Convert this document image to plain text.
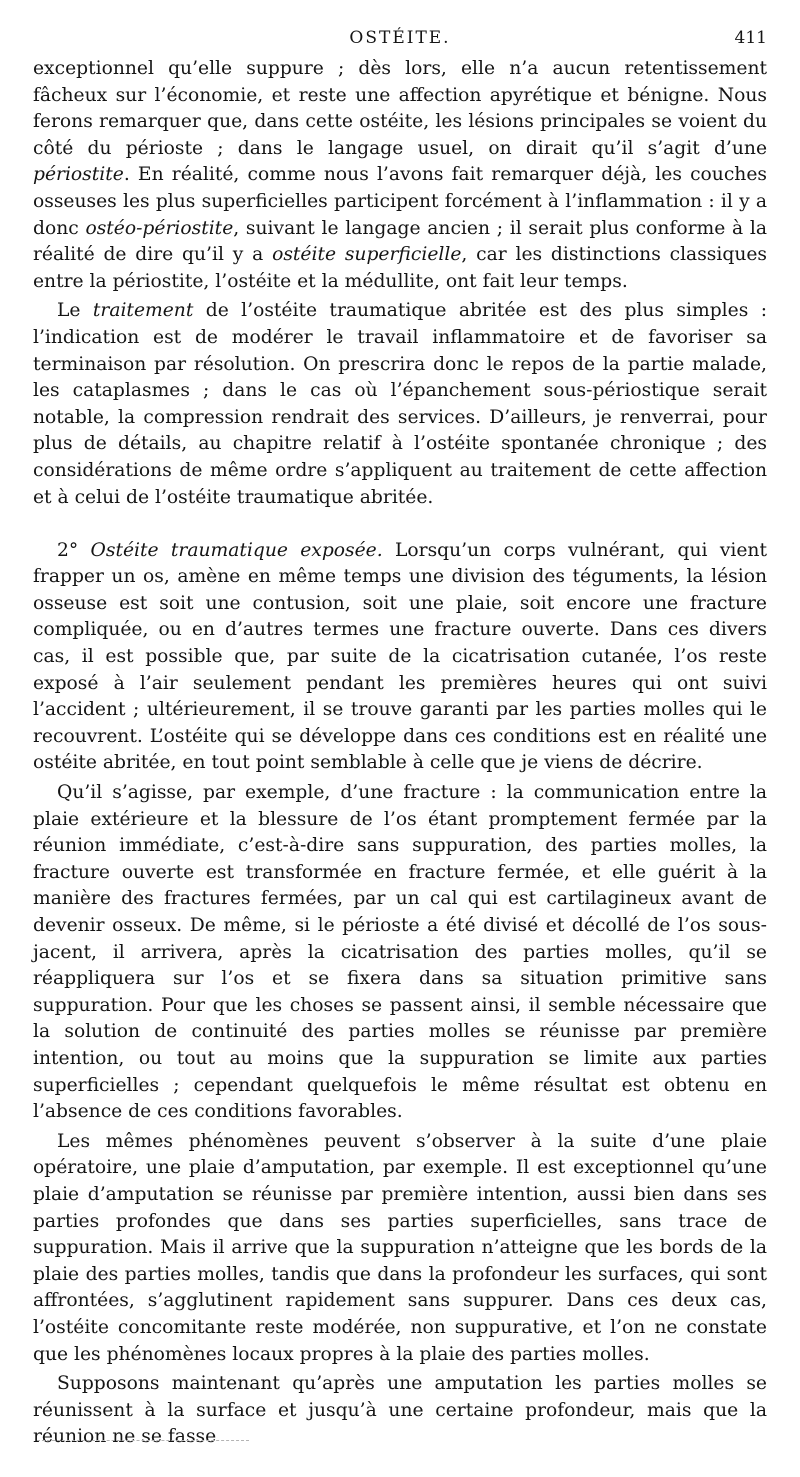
OSTÉITE.	411

exceptionnel qu’elle suppure ; dès lors, elle n’a aucun retentissement fâcheux sur l’économie, et reste une affection apyrétique et bénigne. Nous ferons remarquer que, dans cette ostéite, les lésions principales se voient du côté du périoste ; dans le langage usuel, on dirait qu’il s’agit d’une périostite. En réalité, comme nous l’avons fait remarquer déjà, les couches osseuses les plus superficielles participent forcément à l’inflammation : il y a donc ostéo-périostite, suivant le langage ancien ; il serait plus conforme à la réalité de dire qu’il y a ostéite superficielle, car les distinctions classiques entre la périostite, l’ostéite et la médullite, ont fait leur temps.

Le traitement de l’ostéite traumatique abritée est des plus simples : l’indication est de modérer le travail inflammatoire et de favoriser sa terminaison par résolution. On prescrira donc le repos de la partie malade, les cataplasmes ; dans le cas où l’épanchement sous-périostique serait notable, la compression rendrait des services. D’ailleurs, je renverrai, pour plus de détails, au chapitre relatif à l’ostéite spontanée chronique ; des considérations de même ordre s’appliquent au traitement de cette affection et à celui de l’ostéite traumatique abritée.

2° Ostéite traumatique exposée. Lorsqu’un corps vulnérant, qui vient frapper un os, amène en même temps une division des téguments, la lésion osseuse est soit une contusion, soit une plaie, soit encore une fracture compliquée, ou en d’autres termes une fracture ouverte. Dans ces divers cas, il est possible que, par suite de la cicatrisation cutanée, l’os reste exposé à l’air seulement pendant les premières heures qui ont suivi l’accident ; ultérieurement, il se trouve garanti par les parties molles qui le recouvrent. L’ostéite qui se développe dans ces conditions est en réalité une ostéite abritée, en tout point semblable à celle que je viens de décrire.

Qu’il s’agisse, par exemple, d’une fracture : la communication entre la plaie extérieure et la blessure de l’os étant promptement fermée par la réunion immédiate, c’est-à-dire sans suppuration, des parties molles, la fracture ouverte est transformée en fracture fermée, et elle guérit à la manière des fractures fermées, par un cal qui est cartilagineux avant de devenir osseux. De même, si le périoste a été divisé et décollé de l’os sous-jacent, il arrivera, après la cicatrisation des parties molles, qu’il se réappliquera sur l’os et se fixera dans sa situation primitive sans suppuration. Pour que les choses se passent ainsi, il semble nécessaire que la solution de continuité des parties molles se réunisse par première intention, ou tout au moins que la suppuration se limite aux parties superficielles ; cependant quelquefois le même résultat est obtenu en l’absence de ces conditions favorables.

Les mêmes phénomènes peuvent s’observer à la suite d’une plaie opératoire, une plaie d’amputation, par exemple. Il est exceptionnel qu’une plaie d’amputation se réunisse par première intention, aussi bien dans ses parties profondes que dans ses parties superficielles, sans trace de suppuration. Mais il arrive que la suppuration n’atteigne que les bords de la plaie des parties molles, tandis que dans la profondeur les surfaces, qui sont affrontées, s’agglutinent rapidement sans suppurer. Dans ces deux cas, l’ostéite concomitante reste modérée, non suppurative, et l’on ne constate que les phénomènes locaux propres à la plaie des parties molles.

Supposons maintenant qu’après une amputation les parties molles se réunissent à la surface et jusqu’à une certaine profondeur, mais que la réunion ne se fasse
